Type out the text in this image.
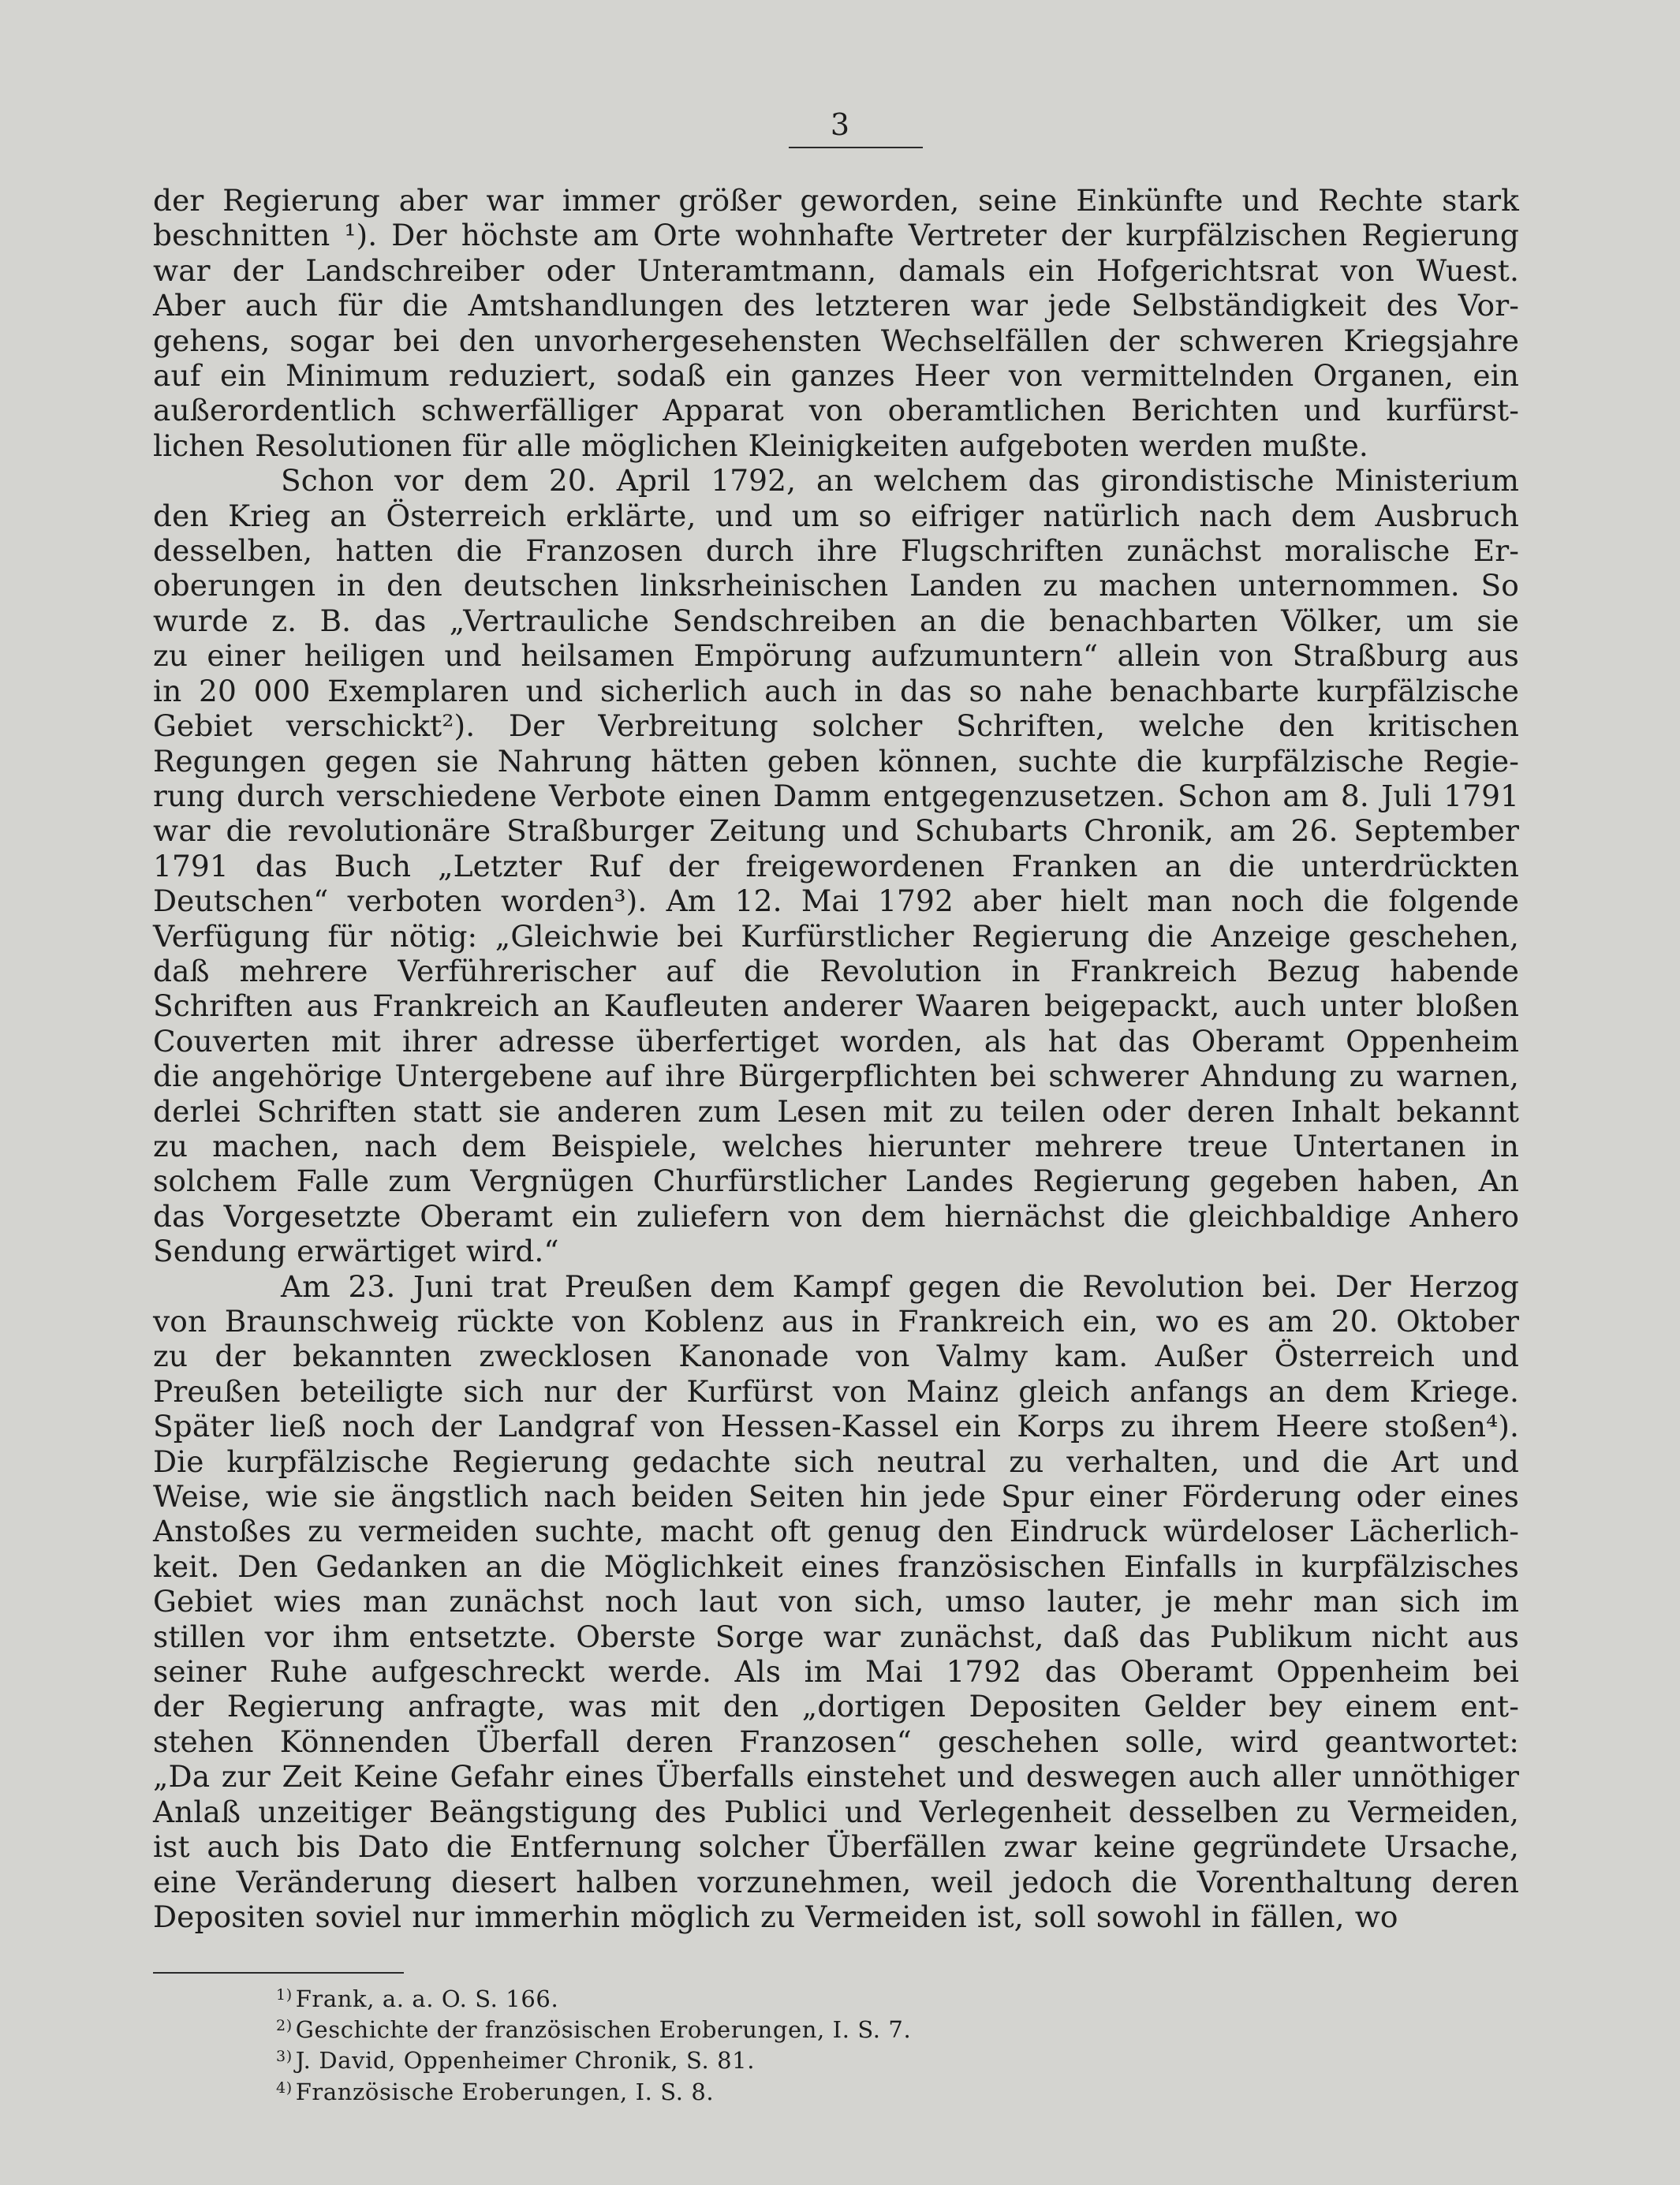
3
der Regierung aber war immer größer geworden, seine Einkünfte und Rechte stark
beschnitten ¹). Der höchste am Orte wohnhafte Vertreter der kurpfälzischen Regierung
war der Landschreiber oder Unteramtmann, damals ein Hofgerichtsrat von Wuest.
Aber auch für die Amtshandlungen des letzteren war jede Selbständigkeit des Vor-
gehens, sogar bei den unvorhergesehensten Wechselfällen der schweren Kriegsjahre
auf ein Minimum reduziert, sodaß ein ganzes Heer von vermittelnden Organen, ein
außerordentlich schwerfälliger Apparat von oberamtlichen Berichten und kurfürst-
lichen Resolutionen für alle möglichen Kleinigkeiten aufgeboten werden mußte.
Schon vor dem 20. April 1792, an welchem das girondistische Ministerium
den Krieg an Österreich erklärte, und um so eifriger natürlich nach dem Ausbruch
desselben, hatten die Franzosen durch ihre Flugschriften zunächst moralische Er-
oberungen in den deutschen linksrheinischen Landen zu machen unternommen. So
wurde z. B. das „Vertrauliche Sendschreiben an die benachbarten Völker, um sie
zu einer heiligen und heilsamen Empörung aufzumuntern“ allein von Straßburg aus
in 20 000 Exemplaren und sicherlich auch in das so nahe benachbarte kurpfälzische
Gebiet verschickt²). Der Verbreitung solcher Schriften, welche den kritischen
Regungen gegen sie Nahrung hätten geben können, suchte die kurpfälzische Regie-
rung durch verschiedene Verbote einen Damm entgegenzusetzen. Schon am 8. Juli 1791
war die revolutionäre Straßburger Zeitung und Schubarts Chronik, am 26. September
1791 das Buch „Letzter Ruf der freigewordenen Franken an die unterdrückten
Deutschen“ verboten worden³). Am 12. Mai 1792 aber hielt man noch die folgende
Verfügung für nötig: „Gleichwie bei Kurfürstlicher Regierung die Anzeige geschehen,
daß mehrere Verführerischer auf die Revolution in Frankreich Bezug habende
Schriften aus Frankreich an Kaufleuten anderer Waaren beigepackt, auch unter bloßen
Couverten mit ihrer adresse überfertiget worden, als hat das Oberamt Oppenheim
die angehörige Untergebene auf ihre Bürgerpflichten bei schwerer Ahndung zu warnen,
derlei Schriften statt sie anderen zum Lesen mit zu teilen oder deren Inhalt bekannt
zu machen, nach dem Beispiele, welches hierunter mehrere treue Untertanen in
solchem Falle zum Vergnügen Churfürstlicher Landes Regierung gegeben haben, An
das Vorgesetzte Oberamt ein zuliefern von dem hiernächst die gleichbaldige Anhero
Sendung erwärtiget wird.“
Am 23. Juni trat Preußen dem Kampf gegen die Revolution bei. Der Herzog
von Braunschweig rückte von Koblenz aus in Frankreich ein, wo es am 20. Oktober
zu der bekannten zwecklosen Kanonade von Valmy kam. Außer Österreich und
Preußen beteiligte sich nur der Kurfürst von Mainz gleich anfangs an dem Kriege.
Später ließ noch der Landgraf von Hessen-Kassel ein Korps zu ihrem Heere stoßen⁴).
Die kurpfälzische Regierung gedachte sich neutral zu verhalten, und die Art und
Weise, wie sie ängstlich nach beiden Seiten hin jede Spur einer Förderung oder eines
Anstoßes zu vermeiden suchte, macht oft genug den Eindruck würdeloser Lächerlich-
keit. Den Gedanken an die Möglichkeit eines französischen Einfalls in kurpfälzisches
Gebiet wies man zunächst noch laut von sich, umso lauter, je mehr man sich im
stillen vor ihm entsetzte. Oberste Sorge war zunächst, daß das Publikum nicht aus
seiner Ruhe aufgeschreckt werde. Als im Mai 1792 das Oberamt Oppenheim bei
der Regierung anfragte, was mit den „dortigen Depositen Gelder bey einem ent-
stehen Könnenden Überfall deren Franzosen“ geschehen solle, wird geantwortet:
„Da zur Zeit Keine Gefahr eines Überfalls einstehet und deswegen auch aller unnöthiger
Anlaß unzeitiger Beängstigung des Publici und Verlegenheit desselben zu Vermeiden,
ist auch bis Dato die Entfernung solcher Überfällen zwar keine gegründete Ursache,
eine Veränderung diesert halben vorzunehmen, weil jedoch die Vorenthaltung deren
Depositen soviel nur immerhin möglich zu Vermeiden ist, soll sowohl in fällen, wo
$^{1)}$ Frank, a. a. O. S. 166.
$^{2)}$ Geschichte der französischen Eroberungen, I. S. 7.
$^{3)}$ J. David, Oppenheimer Chronik, S. 81.
$^{4)}$ Französische Eroberungen, I. S. 8.
